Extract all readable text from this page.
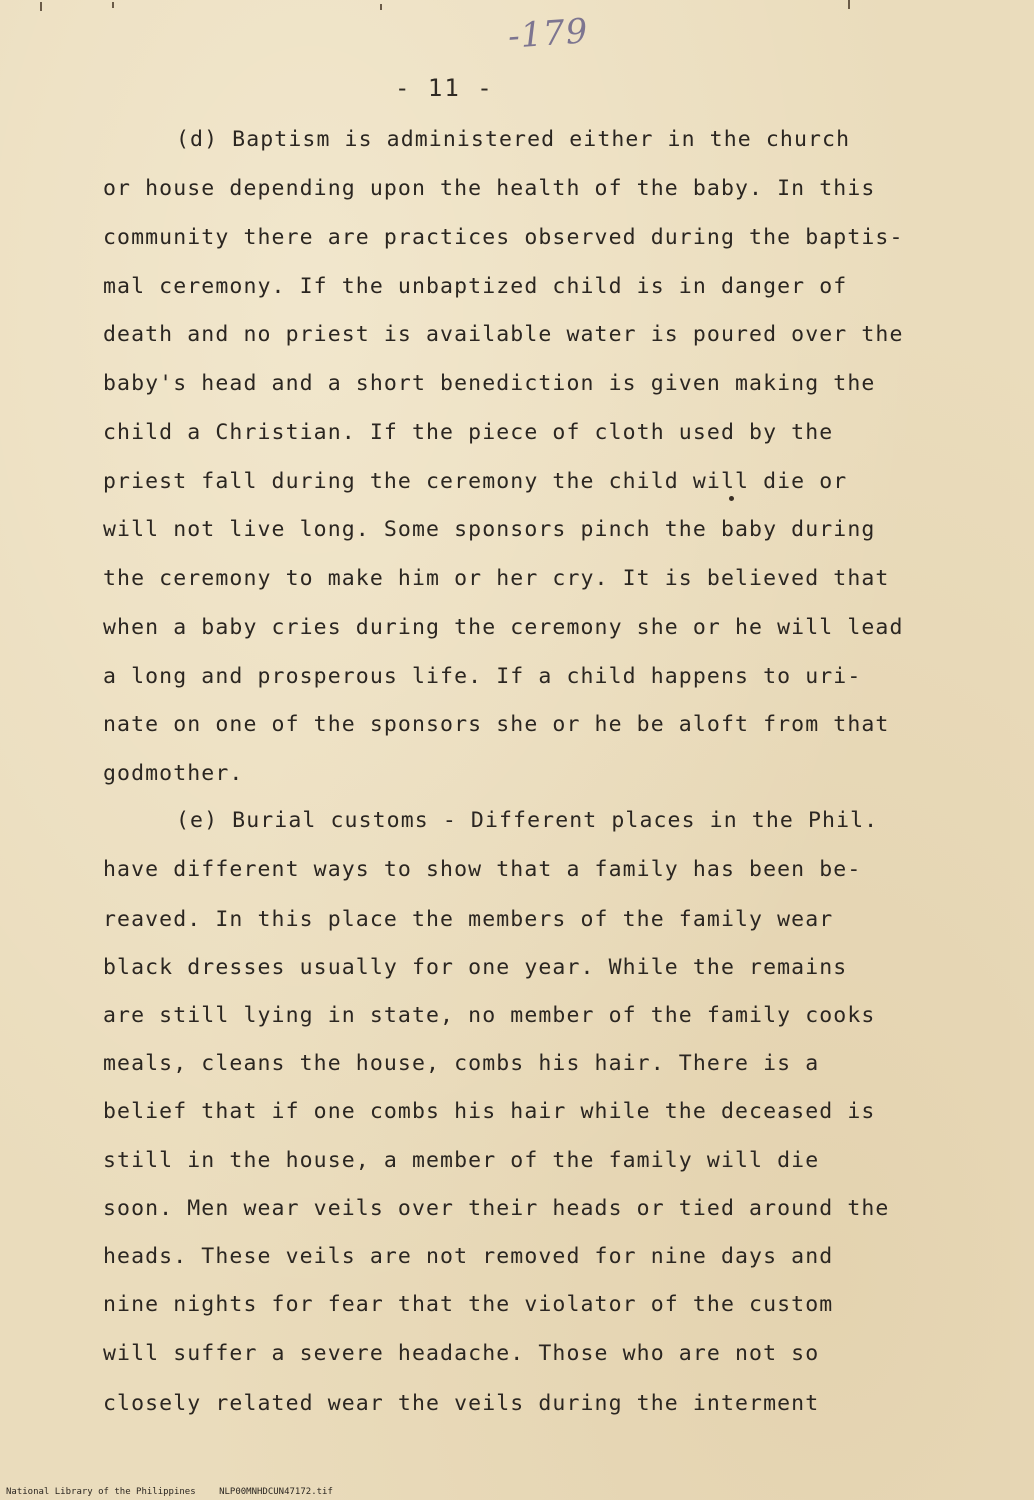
-179
- 11 -

(d) Baptism is administered either in the church

or house depending upon the health of the baby. In this

community there are practices observed during the baptis-

mal ceremony. If the unbaptized child is in danger of

death and no priest is available water is poured over the

baby's head and a short benediction is given making the

child a Christian. If the piece of cloth used by the

priest fall during the ceremony the child will die or

will not live long. Some sponsors pinch the baby during

the ceremony to make him or her cry. It is believed that

when a baby cries during the ceremony she or he will lead

a long and prosperous life. If a child happens to uri-

nate on one of the sponsors she or he be aloft from that

godmother.

(e) Burial customs - Different places in the Phil.

have different ways to show that a family has been be-

reaved. In this place the members of the family wear

black dresses usually for one year. While the remains

are still lying in state, no member of the family cooks

meals, cleans the house, combs his hair. There is a

belief that if one combs his hair while the deceased is

still in the house, a member of the family will die

soon. Men wear veils over their heads or tied around the

heads. These veils are not removed for nine days and

nine nights for fear that the violator of the custom

will suffer a severe headache. Those who are not so

closely related wear the veils during the interment

National Library of the Philippines	NLP00MNHDCUN47172.tif
